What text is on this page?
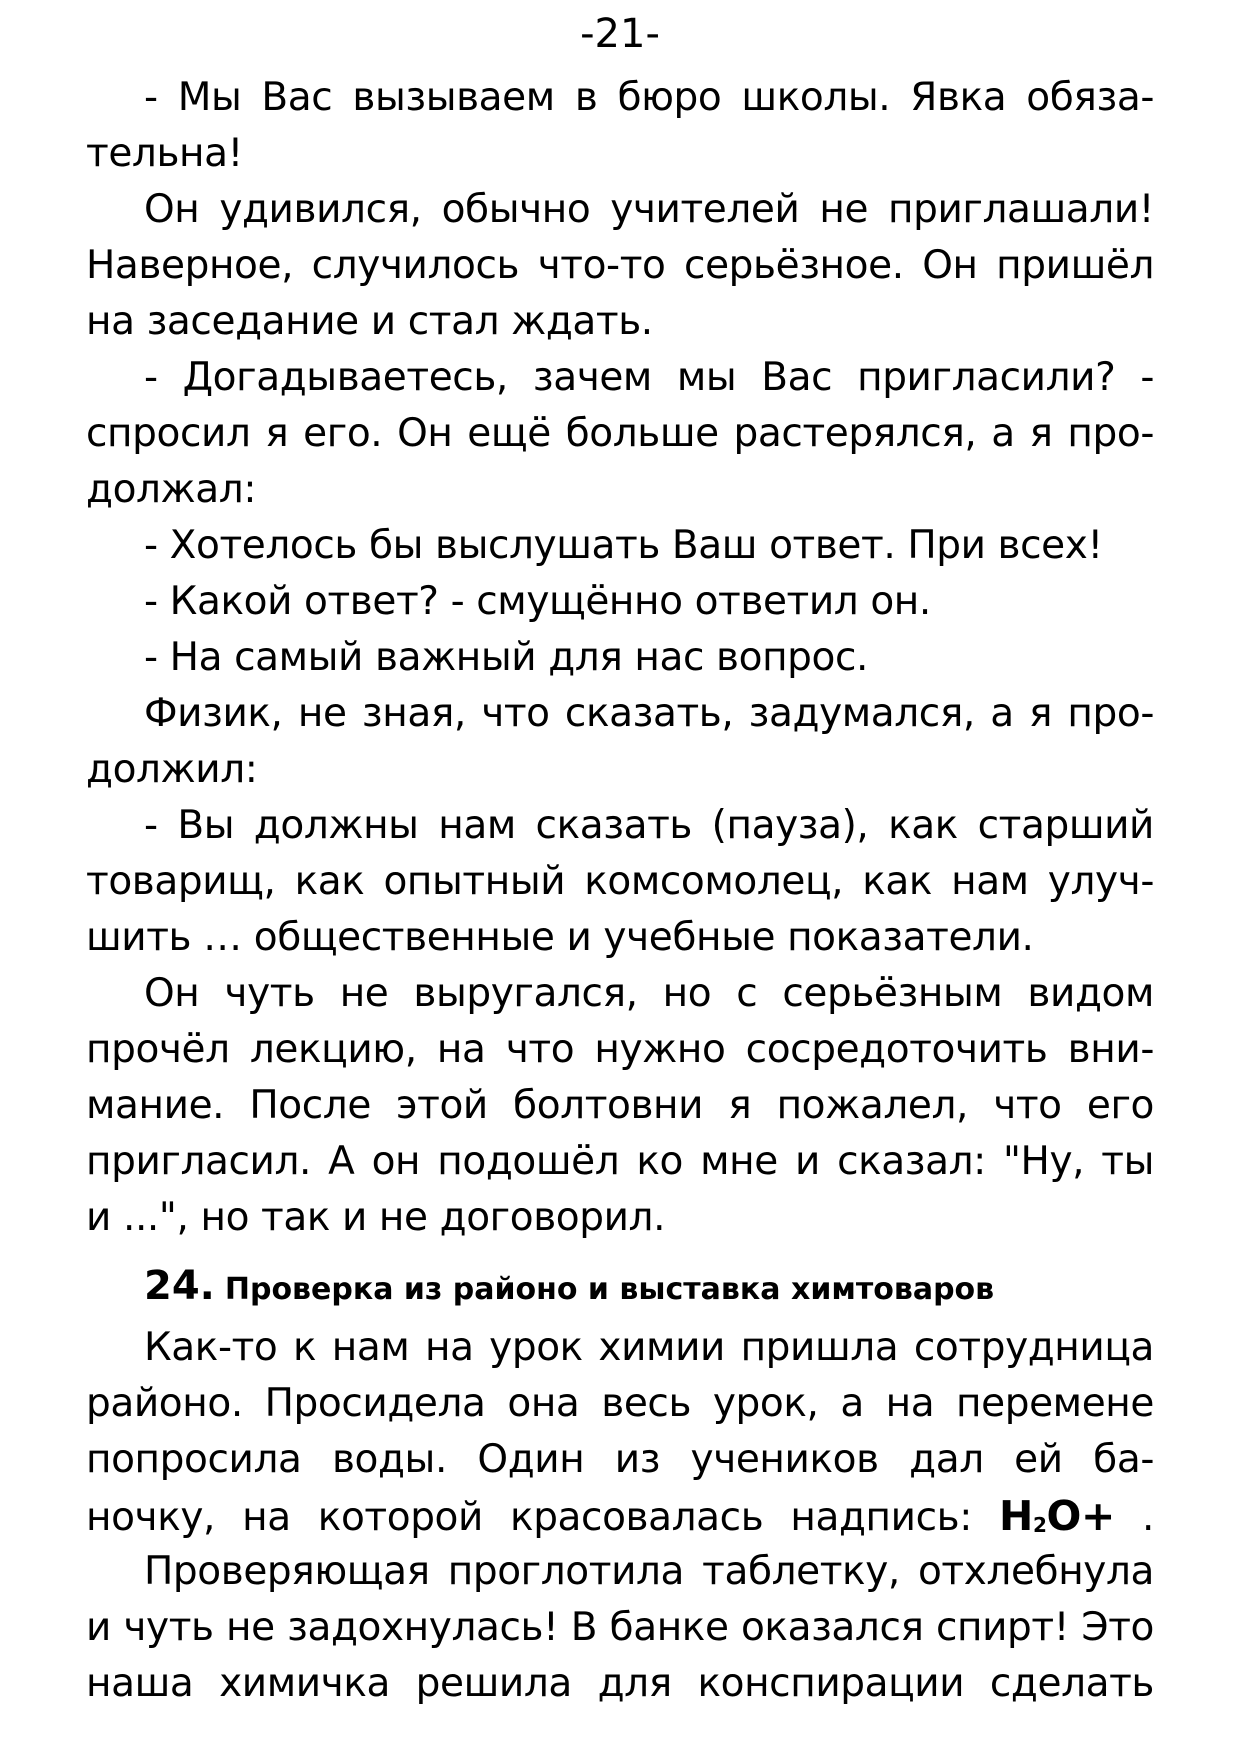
-21-
- Мы Вас вызываем в бюро школы. Явка обяза-
тельна!
Он удивился, обычно учителей не приглашали!
Наверное, случилось что-то серьёзное. Он пришёл
на заседание и стал ждать.
- Догадываетесь, зачем мы Вас пригласили? -
спросил я его. Он ещё больше растерялся, а я про-
должал:
- Хотелось бы выслушать Ваш ответ. При всех!
- Какой ответ? - смущённо ответил он.
- На самый важный для нас вопрос.
Физик, не зная, что сказать, задумался, а я про-
должил:
- Вы должны нам сказать (пауза), как старший
товарищ, как опытный комсомолец, как нам улуч-
шить … общественные и учебные показатели.
Он чуть не выругался, но с серьёзным видом
прочёл лекцию, на что нужно сосредоточить вни-
мание. После этой болтовни я пожалел, что его
пригласил. А он подошёл ко мне и сказал: "Ну, ты
и ...", но так и не договорил.
24. Проверка из районо и выставка химтоваров
Как-то к нам на урок химии пришла сотрудница
районо. Просидела она весь урок, а на перемене
попросила воды. Один из учеников дал ей ба-
ночку, на которой красовалась надпись: H2O+ .
Проверяющая проглотила таблетку, отхлебнула
и чуть не задохнулась! В банке оказался спирт! Это
наша химичка решила для конспирации сделать
